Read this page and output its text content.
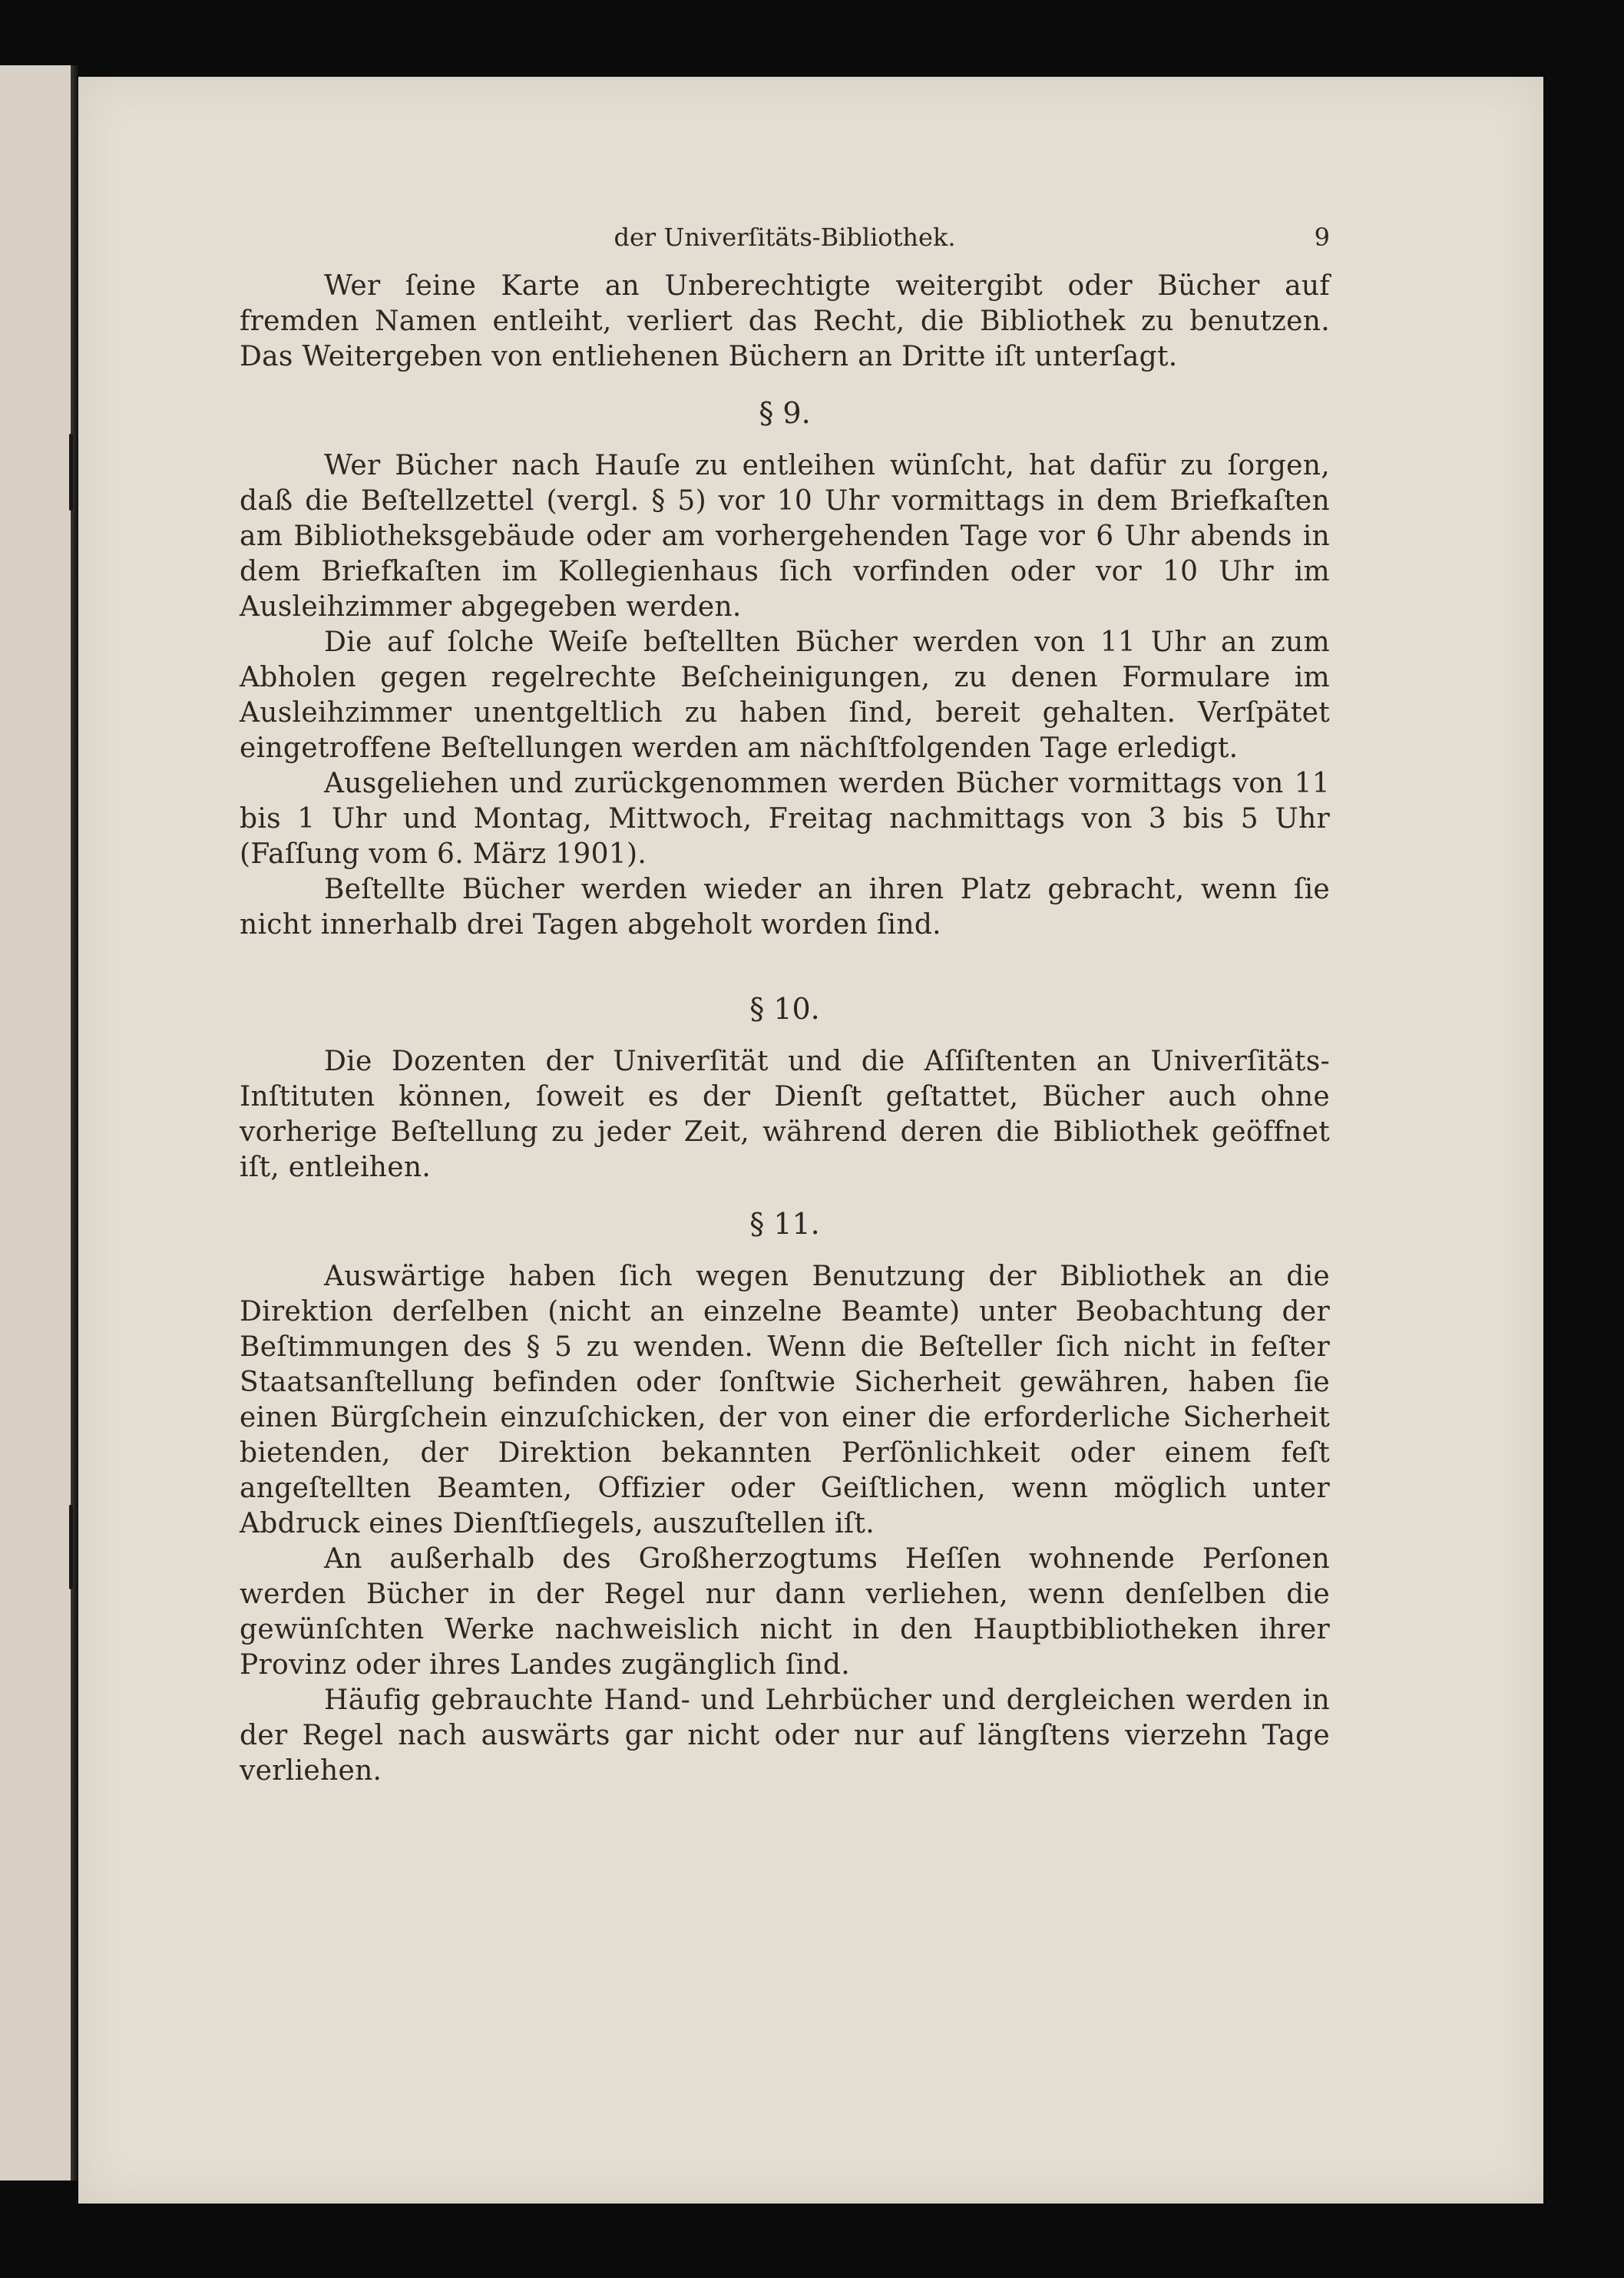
der Univerſitäts-Bibliothek.	9

Wer ſeine Karte an Unberechtigte weitergibt oder Bücher auf fremden Namen entleiht, verliert das Recht, die Bibliothek zu benutzen. Das Weitergeben von entliehenen Büchern an Dritte iſt unterſagt.

§ 9.

Wer Bücher nach Hauſe zu entleihen wünſcht, hat dafür zu ſorgen, daß die Beſtellzettel (vergl. § 5) vor 10 Uhr vormittags in dem Briefkaſten am Bibliotheksgebäude oder am vorhergehenden Tage vor 6 Uhr abends in dem Briefkaſten im Kollegienhaus ſich vorfinden oder vor 10 Uhr im Ausleihzimmer abgegeben werden.

Die auf ſolche Weiſe beſtellten Bücher werden von 11 Uhr an zum Abholen gegen regelrechte Beſcheinigungen, zu denen Formulare im Ausleihzimmer unentgeltlich zu haben ſind, bereit gehalten. Verſpätet eingetroffene Beſtellungen werden am nächſtfolgenden Tage erledigt.

Ausgeliehen und zurückgenommen werden Bücher vormittags von 11 bis 1 Uhr und Montag, Mittwoch, Freitag nachmittags von 3 bis 5 Uhr (Faſſung vom 6. März 1901).

Beſtellte Bücher werden wieder an ihren Platz gebracht, wenn ſie nicht innerhalb drei Tagen abgeholt worden ſind.

§ 10.

Die Dozenten der Univerſität und die Aſſiſtenten an Univerſitäts-Inſtituten können, ſoweit es der Dienſt geſtattet, Bücher auch ohne vorherige Beſtellung zu jeder Zeit, während deren die Bibliothek geöffnet iſt, entleihen.

§ 11.

Auswärtige haben ſich wegen Benutzung der Bibliothek an die Direktion derſelben (nicht an einzelne Beamte) unter Beobachtung der Beſtimmungen des § 5 zu wenden. Wenn die Beſteller ſich nicht in feſter Staatsanſtellung befinden oder ſonſtwie Sicherheit gewähren, haben ſie einen Bürgſchein einzuſchicken, der von einer die erforderliche Sicherheit bietenden, der Direktion bekannten Perſönlichkeit oder einem feſt angeſtellten Beamten, Offizier oder Geiſtlichen, wenn möglich unter Abdruck eines Dienſtſiegels, auszuſtellen iſt.

An außerhalb des Großherzogtums Heſſen wohnende Perſonen werden Bücher in der Regel nur dann verliehen, wenn denſelben die gewünſchten Werke nachweislich nicht in den Hauptbibliotheken ihrer Provinz oder ihres Landes zugänglich ſind.

Häufig gebrauchte Hand- und Lehrbücher und dergleichen werden in der Regel nach auswärts gar nicht oder nur auf längſtens vierzehn Tage verliehen.
